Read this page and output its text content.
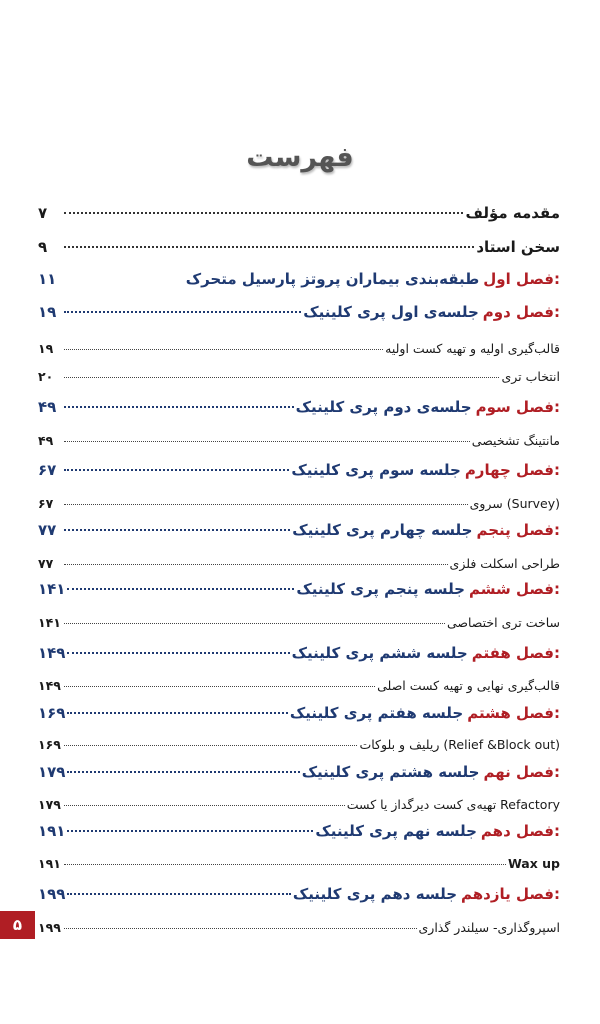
فهرست
مقدمه مؤلف
۷
سخن استاد
۹
فصل اول:
طبقه‌بندی بیماران پروتز پارسیل متحرک
۱۱
فصل دوم:
جلسه‌ی اول پری کلینیک
۱۹
قالب‌گیری اولیه و تهیه کست اولیه
۱۹
انتخاب تری
۲۰
فصل سوم:
جلسه‌ی دوم پری کلینیک
۴۹
مانتینگ تشخیصی
۴۹
فصل چهارم:
جلسه سوم پری کلینیک
۶۷
سروی (Survey)
۶۷
فصل پنجم:
جلسه چهارم پری کلینیک
۷۷
طراحی اسکلت فلزی
۷۷
فصل ششم:
جلسه پنجم پری کلینیک
۱۴۱
ساخت تری اختصاصی
۱۴۱
فصل هفتم:
جلسه ششم پری کلینیک
۱۴۹
قالب‌گیری نهایی و تهیه کست اصلی
۱۴۹
فصل هشتم:
جلسه هفتم پری کلینیک
۱۶۹
ریلیف و بلوکات (Relief &Block out)
۱۶۹
فصل نهم:
جلسه هشتم پری کلینیک
۱۷۹
تهیه‌ی کست دیرگداز یا کست Refactory
۱۷۹
فصل دهم:
جلسه نهم پری کلینیک
۱۹۱
Wax up
۱۹۱
فصل یازدهم:
جلسه دهم پری کلینیک
۱۹۹
اسپروگذاری- سیلندر گذاری
۱۹۹
۵
